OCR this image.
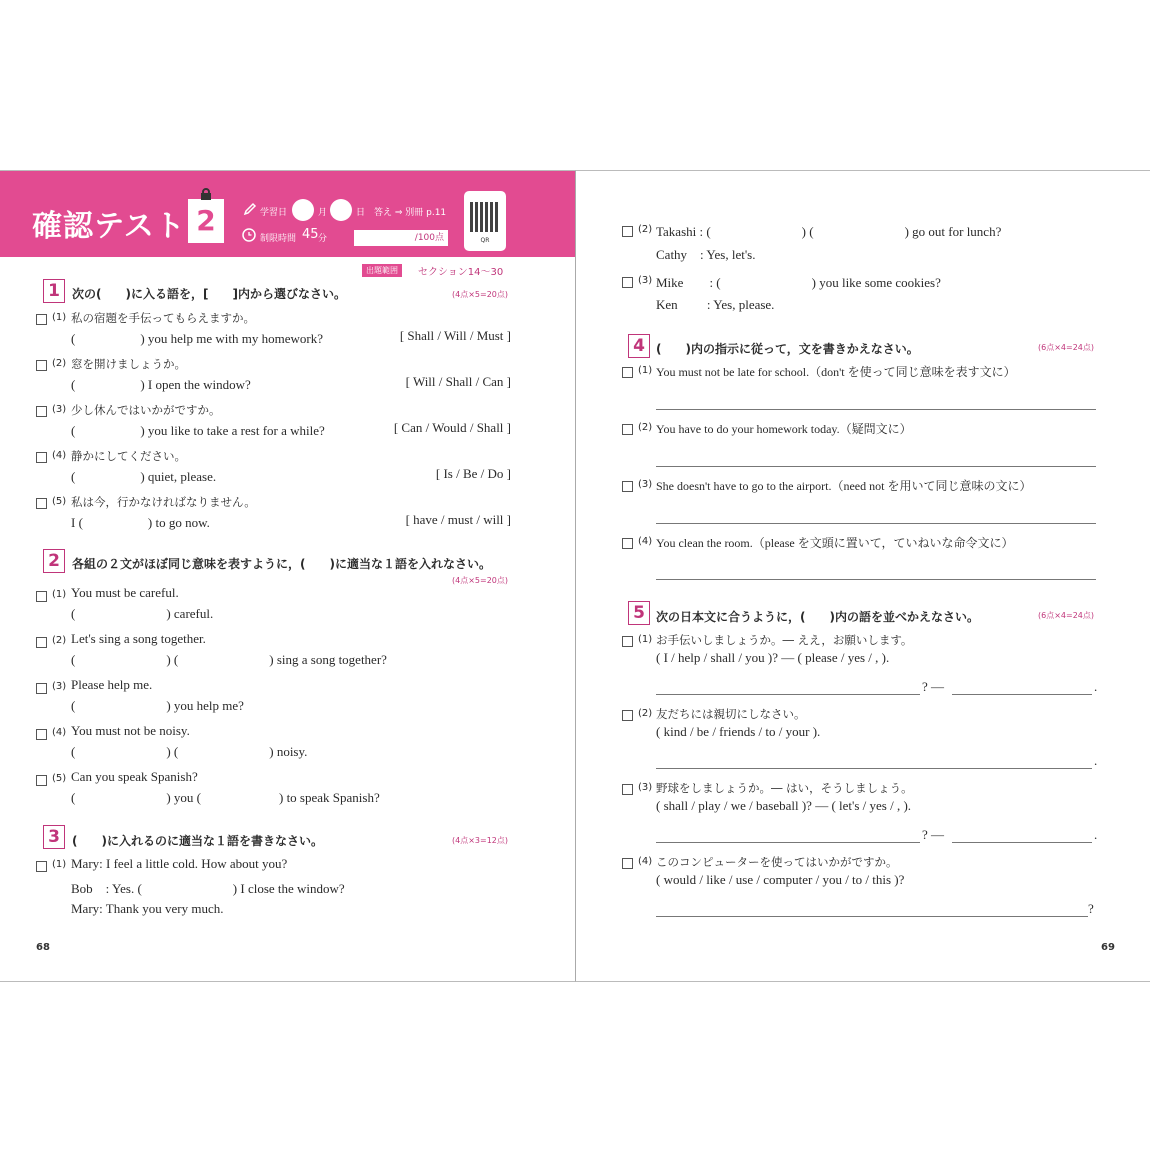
確認テスト 2	学習日	月	日 答え ⇒ 別冊 p.11
制限時間 45 分	/100点	QR
出題範囲	セクション14〜30
1	次の(　　)に入る語を，[　　]内から選びなさい。	(4点×5=20点)
(1) 私の宿題を手伝ってもらえますか。
(　　　　　) you help me with my homework?	[ Shall / Will / Must ]
(2) 窓を開けましょうか。
(　　　　　) I open the window?	[ Will / Shall / Can ]
(3) 少し休んではいかがですか。
(　　　　　) you like to take a rest for a while?	[ Can / Would / Shall ]
(4) 静かにしてください。
(　　　　　) quiet, please.	[ Is / Be / Do ]
(5) 私は今，行かなければなりません。
I (　　　　　) to go now.	[ have / must / will ]
2	各組の２文がほぼ同じ意味を表すように，(　　)に適当な１語を入れなさい。
(4点×5=20点)
(1) You must be careful.
(　　　　　　　) careful.
(2) Let's sing a song together.
(　　　　　　　) (　　　　　　　) sing a song together?
(3) Please help me.
(　　　　　　　) you help me?
(4) You must not be noisy.
(　　　　　　　) (　　　　　　　) noisy.
(5) Can you speak Spanish?
(　　　　　　　) you (　　　　　　) to speak Spanish?
3	(　　)に入れるのに適当な１語を書きなさい。	(4点×3=12点)
(1) Mary: I feel a little cold. How about you?
Bob　: Yes. (　　　　　　　) I close the window?
Mary: Thank you very much.
68
(2) Takashi : (　　　　　　　) (　　　　　　　) go out for lunch?
Cathy　: Yes, let's.
(3) Mike　　: (　　　　　　　) you like some cookies?
Ken　　 : Yes, please.
4 (　　)内の指示に従って，文を書きかえなさい。	(6点×4=24点)
(1) You must not be late for school.（don't を使って同じ意味を表す文に）
(2) You have to do your homework today.（疑問文に）
(3) She doesn't have to go to the airport.（need not を用いて同じ意味の文に）
(4) You clean the room.（please を文頭に置いて，ていねいな命令文に）
5 次の日本文に合うように，(　　)内の語を並べかえなさい。	(6点×4=24点)
(1) お手伝いしましょうか。― ええ，お願いします。
( I / help / shall / you )? ― ( please / yes / , ).
? ―	.
(2) 友だちには親切にしなさい。
( kind / be / friends / to / your ).
.
(3) 野球をしましょうか。― はい，そうしましょう。
( shall / play / we / baseball )? ― ( let's / yes / , ).
? ―	.
(4) このコンピューターを使ってはいかがですか。
( would / like / use / computer / you / to / this )?
?
69
